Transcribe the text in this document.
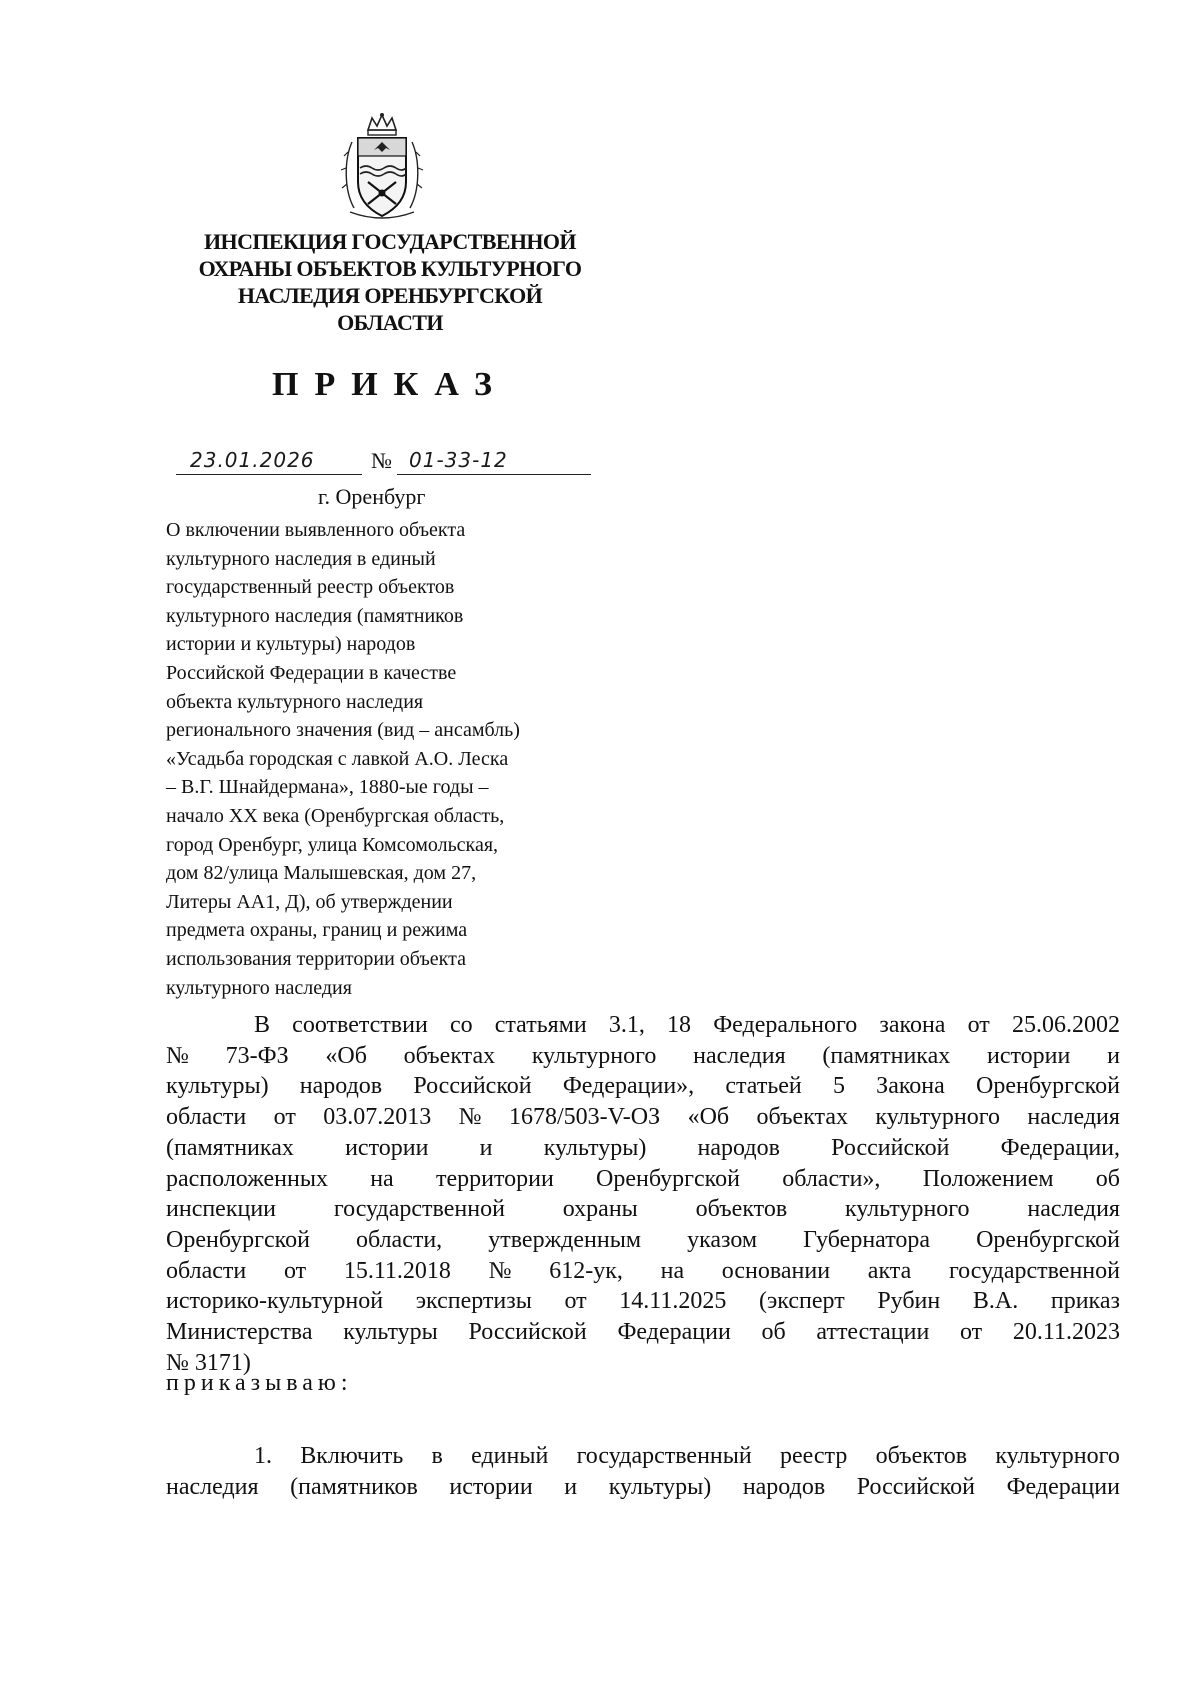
ИНСПЕКЦИЯ ГОСУДАРСТВЕННОЙ
ОХРАНЫ ОБЪЕКТОВ КУЛЬТУРНОГО
НАСЛЕДИЯ ОРЕНБУРГСКОЙ
ОБЛАСТИ
ПРИКАЗ
23.01.2026	№ 01-33-12
г. Оренбург
О включении выявленного объекта
культурного наследия в единый
государственный реестр объектов
культурного наследия (памятников
истории и культуры) народов
Российской Федерации в качестве
объекта культурного наследия
регионального значения (вид – ансамбль)
«Усадьба городская с лавкой А.О. Леска
– В.Г. Шнайдермана», 1880-ые годы –
начало XX века (Оренбургская область,
город Оренбург, улица Комсомольская,
дом 82/улица Малышевская, дом 27,
Литеры АА1, Д), об утверждении
предмета охраны, границ и режима
использования территории объекта
культурного наследия
В соответствии со статьями 3.1, 18 Федерального закона от 25.06.2002
№ 73-ФЗ «Об объектах культурного наследия (памятниках истории и
культуры) народов Российской Федерации», статьей 5 Закона Оренбургской
области от 03.07.2013 № 1678/503-V-ОЗ «Об объектах культурного наследия
(памятниках истории и культуры) народов Российской Федерации,
расположенных на территории Оренбургской области», Положением об
инспекции государственной охраны объектов культурного наследия
Оренбургской области, утвержденным указом Губернатора Оренбургской
области от 15.11.2018 № 612-ук, на основании акта государственной
историко-культурной экспертизы от 14.11.2025 (эксперт Рубин В.А. приказ
Министерства культуры Российской Федерации об аттестации от 20.11.2023
№ 3171)
приказываю:
1. Включить в единый государственный реестр объектов культурного
наследия (памятников истории и культуры) народов Российской Федерации
